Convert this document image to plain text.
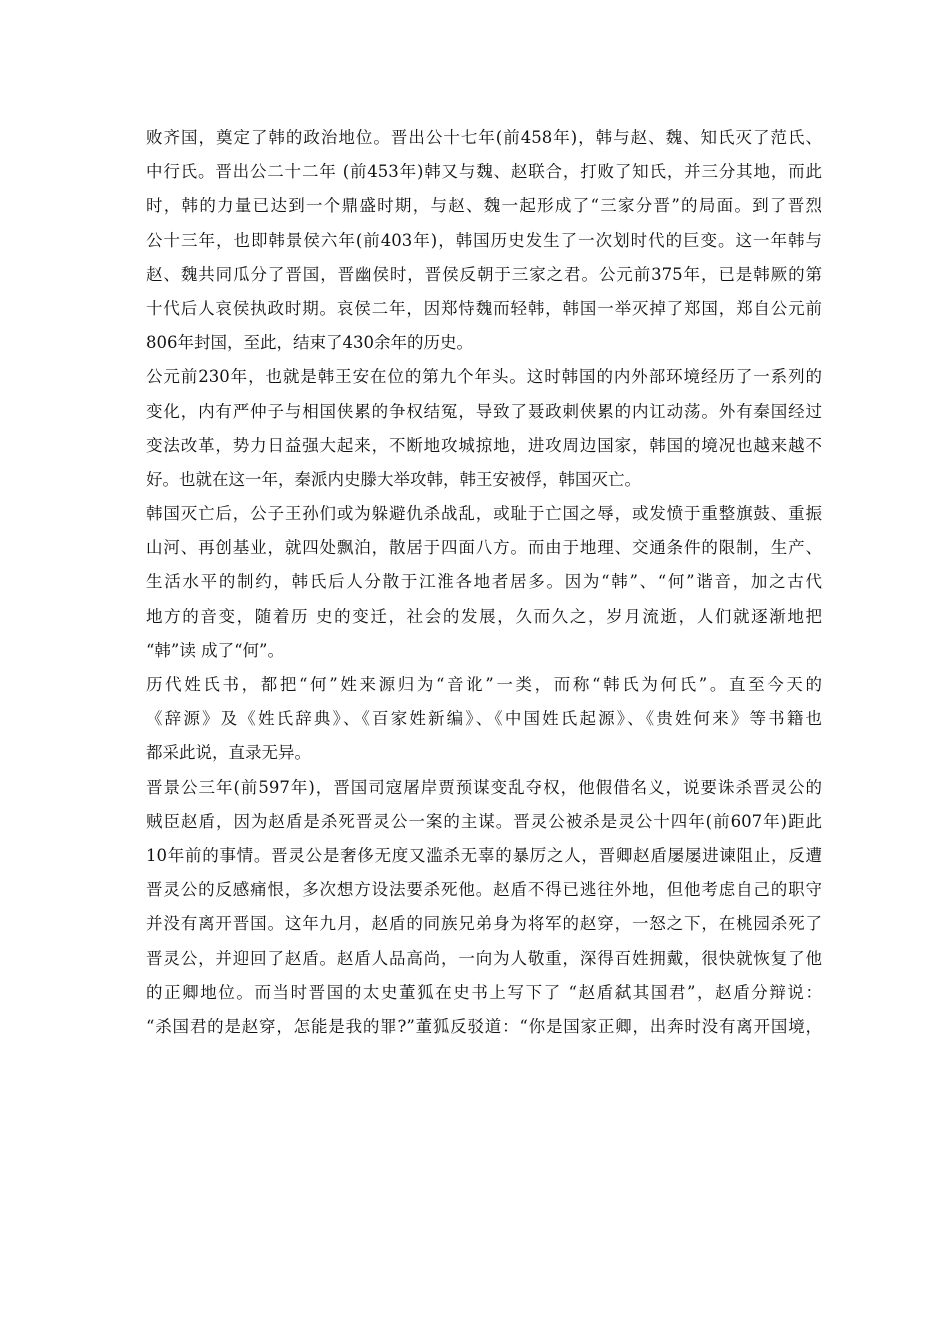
败齐国，奠定了韩的政治地位。晋出公十七年(前458年)，韩与赵、魏、知氏灭了范氏、
中行氏。晋出公二十二年 (前453年)韩又与魏、赵联合，打败了知氏，并三分其地，而此
时，韩的力量已达到一个鼎盛时期，与赵、魏一起形成了“三家分晋”的局面。到了晋烈
公十三年，也即韩景侯六年(前403年)，韩国历史发生了一次划时代的巨变。这一年韩与
赵、魏共同瓜分了晋国，晋幽侯时，晋侯反朝于三家之君。公元前375年，已是韩厥的第
十代后人哀侯执政时期。哀侯二年，因郑恃魏而轻韩，韩国一举灭掉了郑国，郑自公元前
806年封国，至此，结束了430余年的历史。
公元前230年，也就是韩王安在位的第九个年头。这时韩国的内外部环境经历了一系列的
变化，内有严仲子与相国侠累的争权结冤，导致了聂政刺侠累的内讧动荡。外有秦国经过
变法改革，势力日益强大起来，不断地攻城掠地，进攻周边国家，韩国的境况也越来越不
好。也就在这一年，秦派内史滕大举攻韩，韩王安被俘，韩国灭亡。
韩国灭亡后，公子王孙们或为躲避仇杀战乱，或耻于亡国之辱，或发愤于重整旗鼓、重振
山河、再创基业，就四处飘泊，散居于四面八方。而由于地理、交通条件的限制，生产、
生活水平的制约，韩氏后人分散于江淮各地者居多。因为“韩”、“何”谐音，加之古代
地方的音变，随着历 史的变迁，社会的发展，久而久之，岁月流逝，人们就逐渐地把
“韩”读 成了“何”。
历代姓氏书，都把“何”姓来源归为“音讹”一类，而称“韩氏为何氏”。直至今天的
《辞源》及《姓氏辞典》、《百家姓新编》、《中国姓氏起源》、《贵姓何来》等书籍也
都采此说，直录无异。
晋景公三年(前597年)，晋国司寇屠岸贾预谋变乱夺权，他假借名义，说要诛杀晋灵公的
贼臣赵盾，因为赵盾是杀死晋灵公一案的主谋。晋灵公被杀是灵公十四年(前607年)距此
10年前的事情。晋灵公是奢侈无度又滥杀无辜的暴厉之人，晋卿赵盾屡屡进谏阻止，反遭
晋灵公的反感痛恨，多次想方设法要杀死他。赵盾不得已逃往外地，但他考虑自己的职守
并没有离开晋国。这年九月，赵盾的同族兄弟身为将军的赵穿，一怒之下，在桃园杀死了
晋灵公，并迎回了赵盾。赵盾人品高尚，一向为人敬重，深得百姓拥戴，很快就恢复了他
的正卿地位。而当时晋国的太史董狐在史书上写下了 “赵盾弑其国君”，赵盾分辩说：
“杀国君的是赵穿，怎能是我的罪?”董狐反驳道：“你是国家正卿，出奔时没有离开国境，
